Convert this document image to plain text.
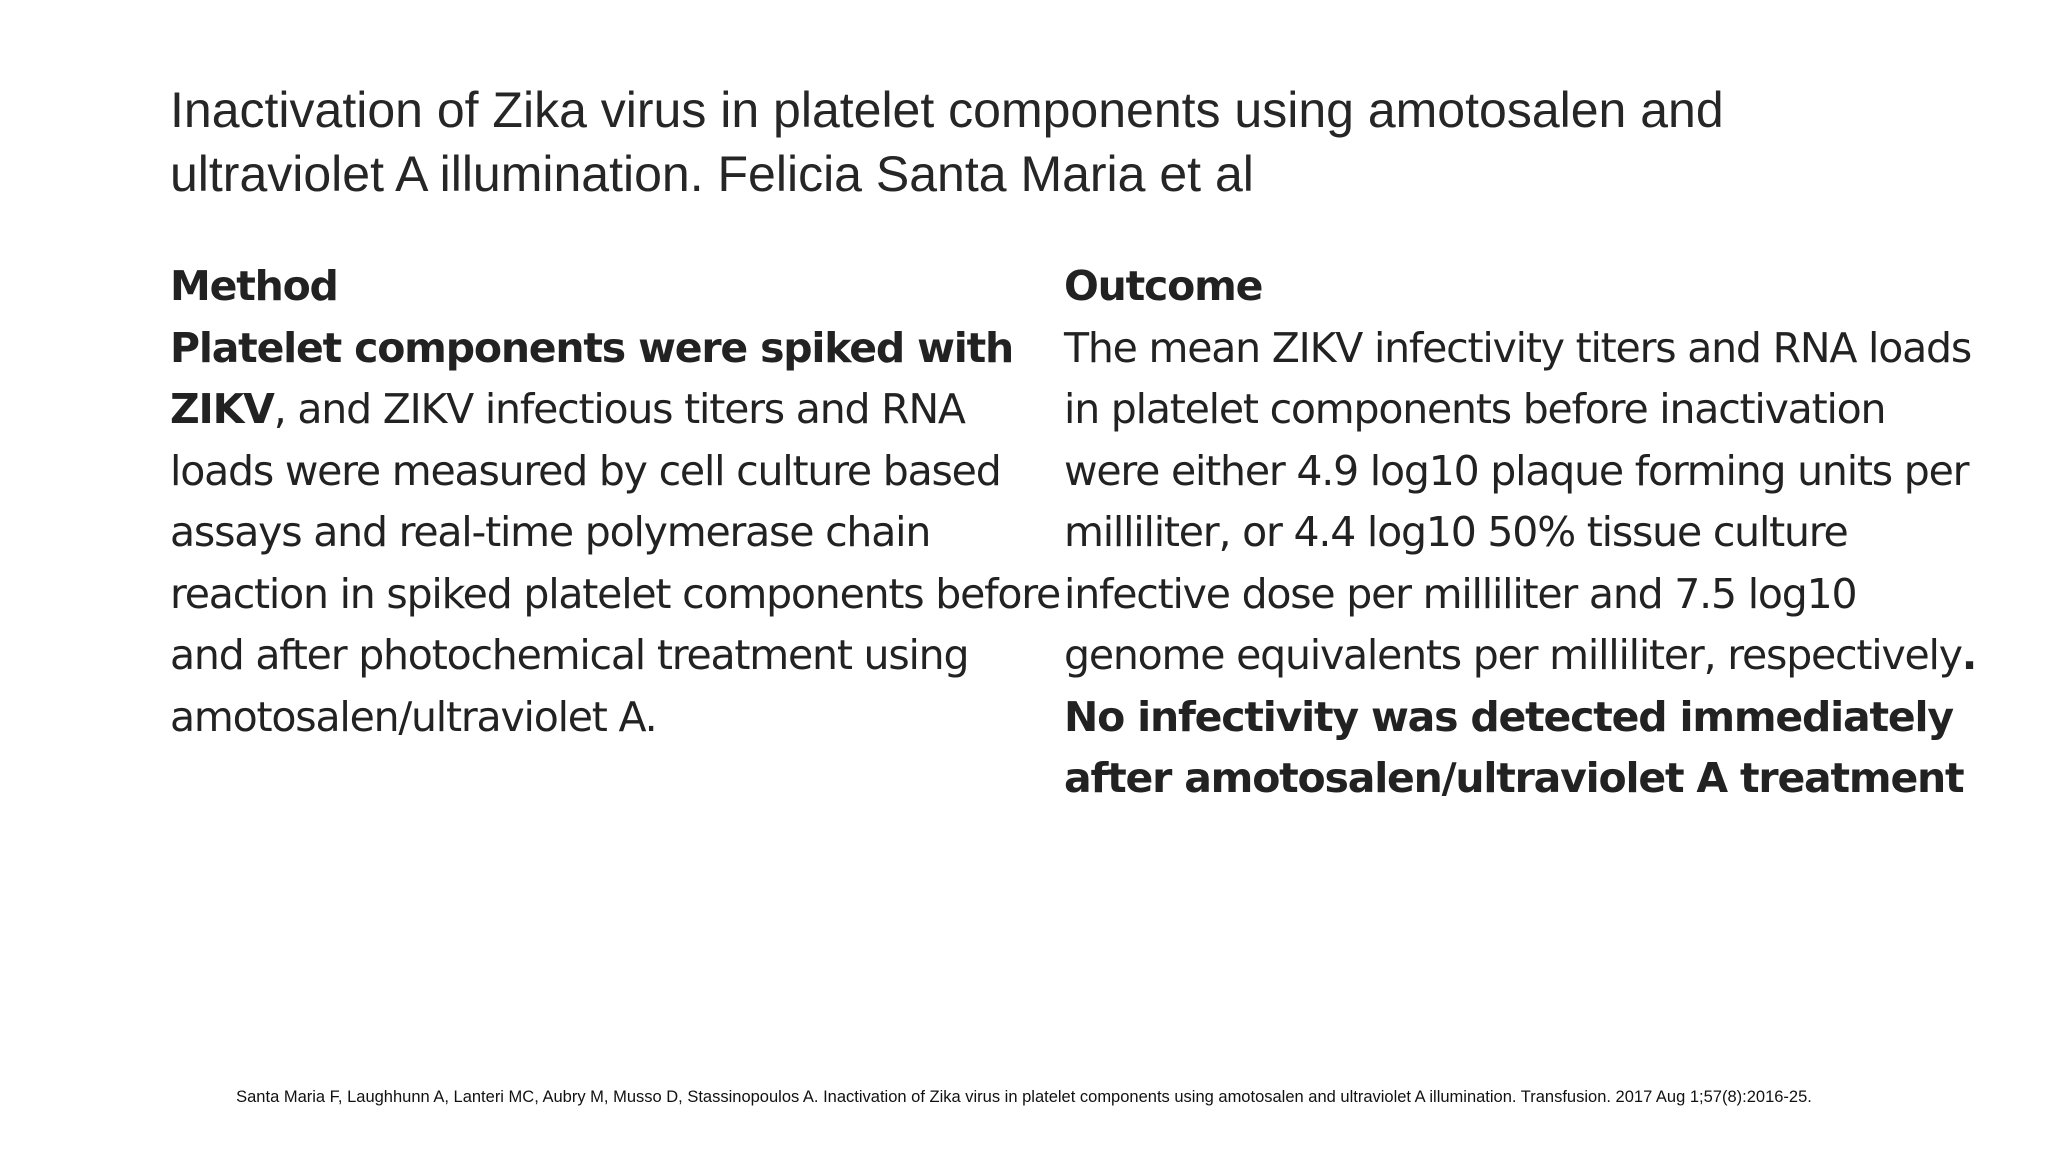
Inactivation of Zika virus in platelet components using amotosalen and
ultraviolet A illumination. Felicia Santa Maria et al
Method
Platelet components were spiked with ZIKV, and ZIKV infectious titers and RNA loads were measured by cell culture based assays and real-time polymerase chain reaction in spiked platelet components before and after photochemical treatment using amotosalen/ultraviolet A.
Outcome
The mean ZIKV infectivity titers and RNA loads in platelet components before inactivation were either 4.9 log10 plaque forming units per milliliter, or 4.4 log10 50% tissue culture infective dose per milliliter and 7.5 log10 genome equivalents per milliliter, respectively. No infectivity was detected immediately after amotosalen/ultraviolet A treatment
Santa Maria F, Laughhunn A, Lanteri MC, Aubry M, Musso D, Stassinopoulos A. Inactivation of Zika virus in platelet components using amotosalen and ultraviolet A illumination. Transfusion. 2017 Aug 1;57(8):2016-25.
